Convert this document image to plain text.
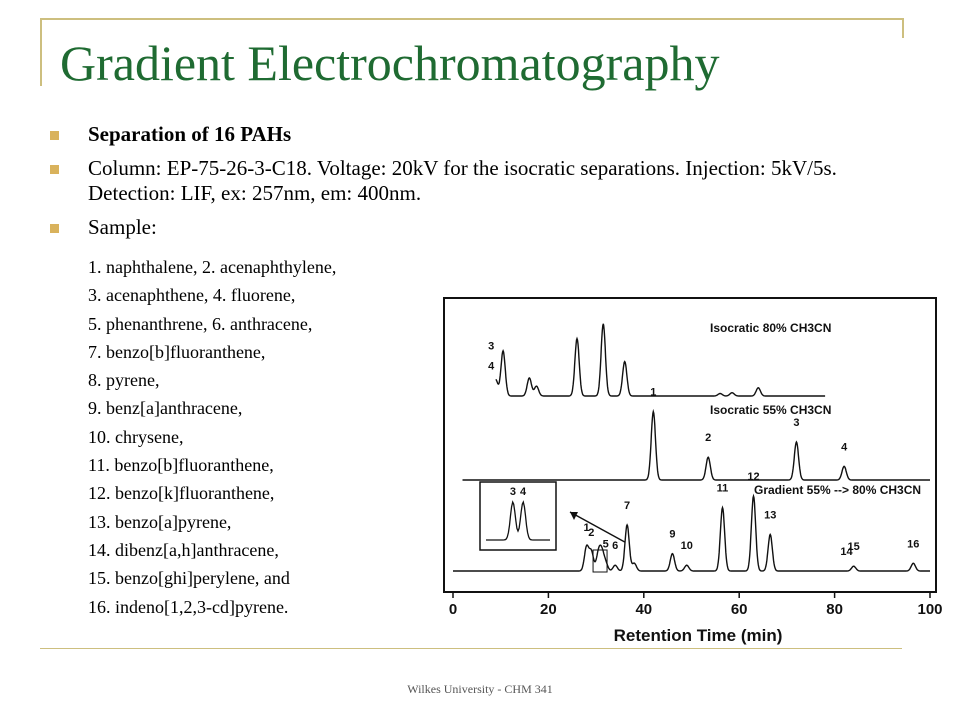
Gradient Electrochromatography
Separation of 16 PAHs
Column: EP-75-26-3-C18. Voltage: 20kV for the isocratic separations. Injection: 5kV/5s. Detection: LIF, ex: 257nm, em: 400nm.
Sample:
1. naphthalene, 2. acenaphthylene,
3. acenaphthene, 4. fluorene,
5. phenanthrene, 6. anthracene,
7. benzo[b]fluoranthene,
8. pyrene,
9. benz[a]anthracene,
10. chrysene,
11. benzo[b]fluoranthene,
12. benzo[k]fluoranthene,
13. benzo[a]pyrene,
14. dibenz[a,h]anthracene,
15. benzo[ghi]perylene, and
16. indeno[1,2,3-cd]pyrene.	0	20	40	60	80	100
Retention Time (min)
Isocratic 80% CH3CN
3
4
Isocratic 55% CH3CN
1
2
3
4
Gradient 55% --> 80% CH3CN
1
2
5 6
7
9
10
11
12
13
14
15	16
3 4
Wilkes University - CHM 341
